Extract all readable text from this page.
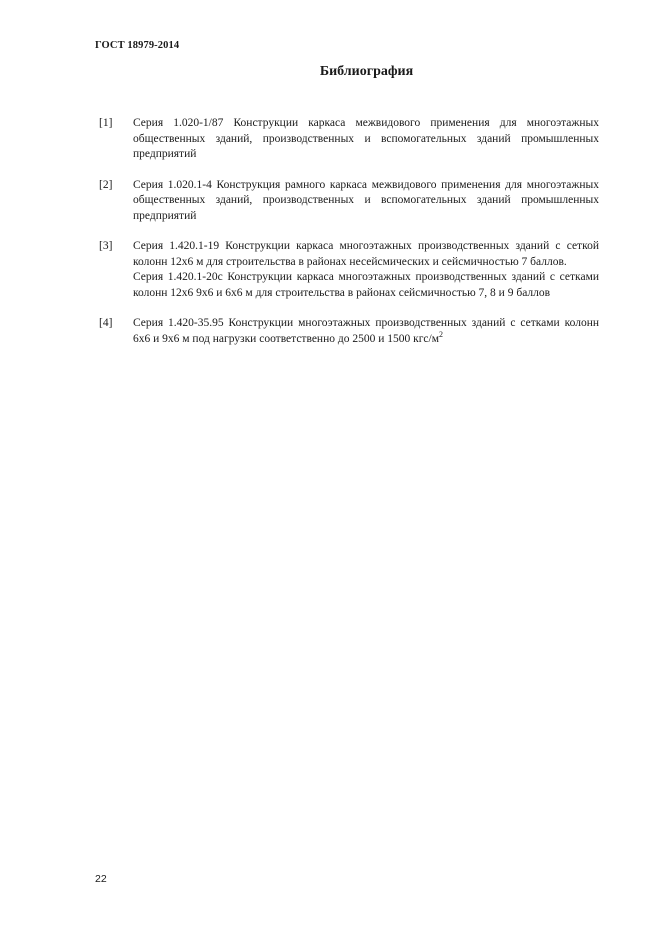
ГОСТ 18979-2014
Библиография
[1]	Серия 1.020-1/87 Конструкции каркаса межвидового применения для многоэтажных общественных зданий, производственных и вспомогательных зданий промышленных предприятий

[2]	Серия 1.020.1-4 Конструкция рамного каркаса межвидового применения для многоэтажных общественных зданий, производственных и вспомогательных зданий промышленных предприятий

[3]	Серия 1.420.1-19 Конструкции каркаса многоэтажных производственных зданий с сеткой колонн 12х6 м для строительства в районах несейсмических и сейсмичностью 7 баллов.

Серия 1.420.1-20с Конструкции каркаса многоэтажных производственных зданий с сетками колонн 12х6 9х6 и 6х6 м для строительства в районах сейсмичностью 7, 8 и 9 баллов

[4]	Серия 1.420-35.95 Конструкции многоэтажных производственных зданий с сетками колонн 6х6 и 9х6 м под нагрузки соответственно до 2500 и 1500 кгс/$м^2$

22
